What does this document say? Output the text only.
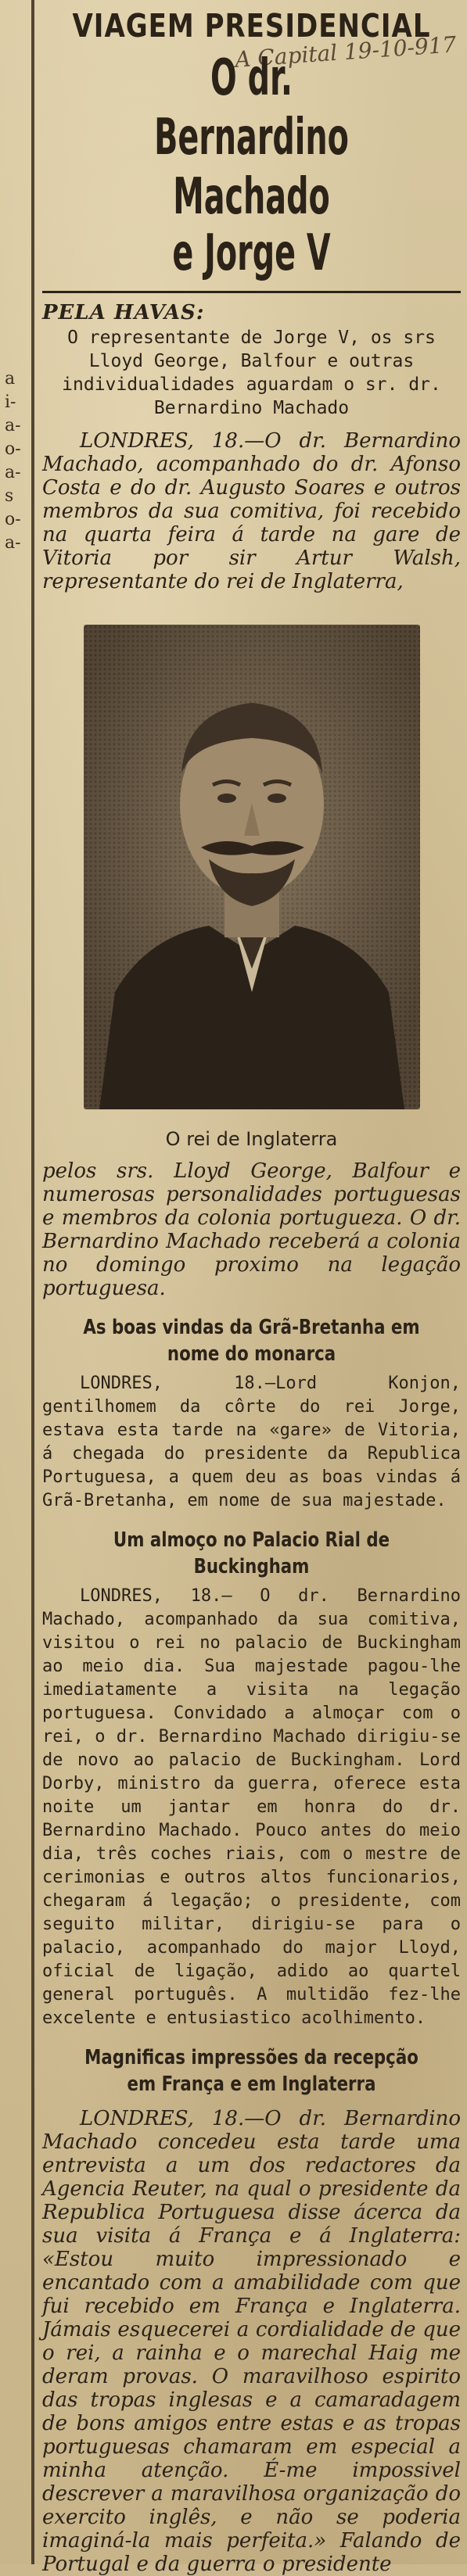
a
i-
a-
o-
a-
s
o-
a-
A Capital 19-10-917
VIAGEM PRESIDENCIAL
O dr. Bernardino Machado
e Jorge V
PELA HAVAS:
O representante de Jorge V, os srs Lloyd George, Balfour e outras individualidades aguardam o sr. dr. Bernardino Machado
LONDRES, 18.—O dr. Bernardino Machado, acompanhado do dr. Afonso Costa e do dr. Augusto Soares e outros membros da sua comitiva, foi recebido na quarta feira á tarde na gare de Vitoria por sir Artur Walsh, representante do rei de Inglaterra,
O rei de Inglaterra
pelos srs. Lloyd George, Balfour e numerosas personalidades portuguesas e membros da colonia portugueza. O dr. Bernardino Machado receberá a colonia no domingo proximo na legação portuguesa.
As boas vindas da Grã-Bretanha em nome do monarca
LONDRES, 18.—Lord Konjon, gentilhomem da côrte do rei Jorge, estava esta tarde na «gare» de Vitoria, á chegada do presidente da Republica Portuguesa, a quem deu as boas vindas á Grã-Bretanha, em nome de sua majestade.
Um almoço no Palacio Rial de Buckingham
LONDRES, 18.— O dr. Bernardino Machado, acompanhado da sua comitiva, visitou o rei no palacio de Buckingham ao meio dia. Sua majestade pagou-lhe imediatamente a visita na legação portuguesa. Convidado a almoçar com o rei, o dr. Bernardino Machado dirigiu-se de novo ao palacio de Buckingham. Lord Dorby, ministro da guerra, oferece esta noite um jantar em honra do dr. Bernardino Machado. Pouco antes do meio dia, três coches riais, com o mestre de cerimonias e outros altos funcionarios, chegaram á legação; o presidente, com seguito militar, dirigiu-se para o palacio, acompanhado do major Lloyd, oficial de ligação, adido ao quartel general português. A multidão fez-lhe excelente e entusiastico acolhimento.
Magnificas impressões da recepção em França e em Inglaterra
LONDRES, 18.—O dr. Bernardino Machado concedeu esta tarde uma entrevista a um dos redactores da Agencia Reuter, na qual o presidente da Republica Portuguesa disse ácerca da sua visita á França e á Inglaterra: «Estou muito impressionado e encantado com a amabilidade com que fui recebido em França e Inglaterra. Jámais esquecerei a cordialidade de que o rei, a rainha e o marechal Haig me deram provas. O maravilhoso espirito das tropas inglesas e a camaradagem de bons amigos entre estas e as tropas portuguesas chamaram em especial a minha atenção. É-me impossivel descrever a maravilhosa organização do exercito inglês, e não se poderia imaginá-la mais perfeita.» Falando de Portugal e da guerra o presidente
